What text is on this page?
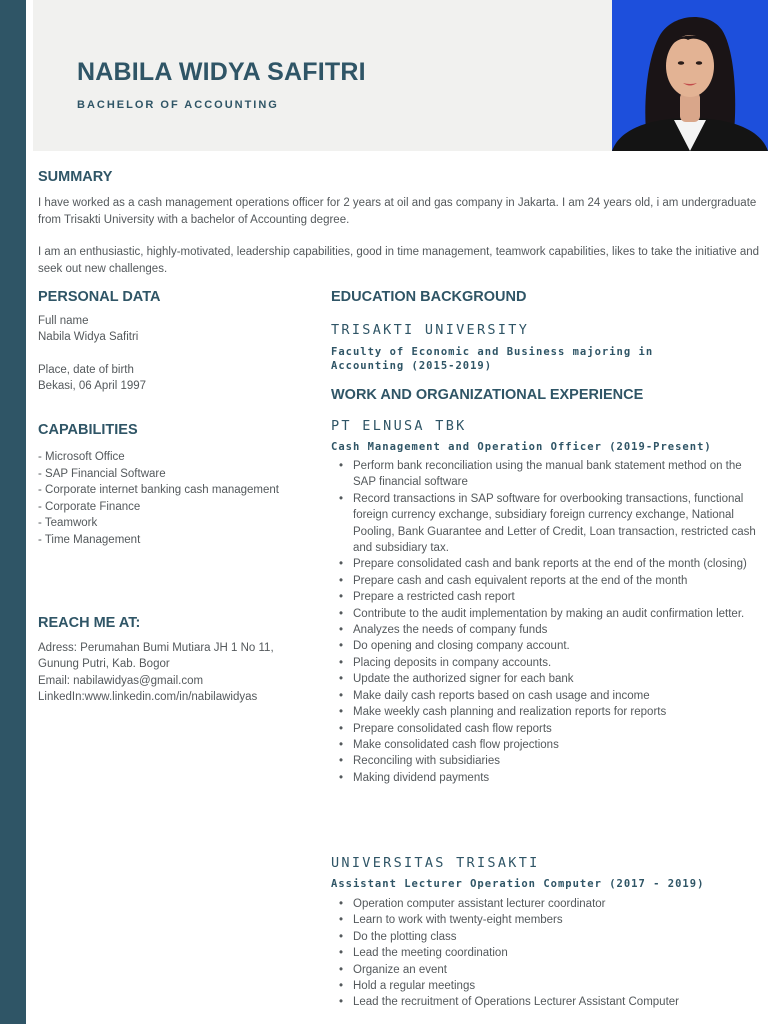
NABILA WIDYA SAFITRI
BACHELOR OF ACCOUNTING
SUMMARY

I have worked as a cash management operations officer for 2 years at oil and gas company in Jakarta. I am 24 years old, i am undergraduate from Trisakti University with a bachelor of Accounting degree.

I am an enthusiastic, highly-motivated, leadership capabilities, good in time management, teamwork capabilities, likes to take the initiative and seek out new challenges.

PERSONAL DATA

Full name

Nabila Widya Safitri

Place, date of birth

Bekasi, 06 April 1997

CAPABILITIES
- Microsoft Office
- SAP Financial Software
- Corporate internet banking cash management
- Corporate Finance
- Teamwork
- Time Management
REACH ME AT:

Adress: Perumahan Bumi Mutiara JH 1 No 11,

Gunung Putri, Kab. Bogor

Email: nabilawidyas@gmail.com

LinkedIn:www.linkedin.com/in/nabilawidyas

EDUCATION BACKGROUND

TRISAKTI UNIVERSITY

Faculty of Economic and Business majoring in Accounting (2015-2019)

WORK AND ORGANIZATIONAL EXPERIENCE

PT ELNUSA TBK

Cash Management and Operation Officer (2019-Present)

• Perform bank reconciliation using the manual bank statement method on the SAP financial software
• Record transactions in SAP software for overbooking transactions, functional foreign currency exchange, subsidiary foreign currency exchange, National Pooling, Bank Guarantee and Letter of Credit, Loan transaction, restricted cash and subsidiary tax.
• Prepare consolidated cash and bank reports at the end of the month (closing)
• Prepare cash and cash equivalent reports at the end of the month
• Prepare a restricted cash report
• Contribute to the audit implementation by making an audit confirmation letter.
• Analyzes the needs of company funds
• Do opening and closing company account.
• Placing deposits in company accounts.
• Update the authorized signer for each bank
• Make daily cash reports based on cash usage and income
• Make weekly cash planning and realization reports for reports
• Prepare consolidated cash flow reports
• Make consolidated cash flow projections
• Reconciling with subsidiaries
• Making dividend payments

UNIVERSITAS TRISAKTI

Assistant Lecturer Operation Computer (2017 - 2019)

• Operation computer assistant lecturer coordinator
• Learn to work with twenty-eight members
• Do the plotting class
• Lead the meeting coordination
• Organize an event
• Hold a regular meetings
• Lead the recruitment of Operations Lecturer Assistant Computer
